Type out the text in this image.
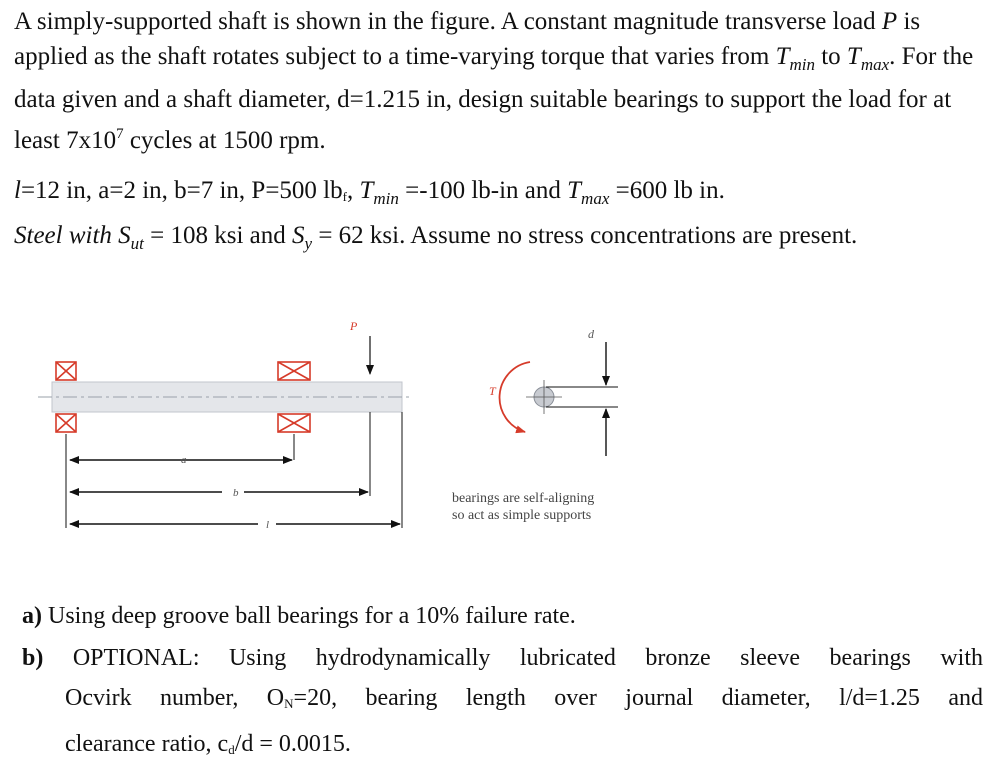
A simply-supported shaft is shown in the figure. A constant magnitude transverse load P is applied as the shaft rotates subject to a time-varying torque that varies from $T_{min}$ to $T_{max}$. For the data given and a shaft diameter, d=1.215 in, design suitable bearings to support the load for at least $7x10^7$ cycles at 1500 rpm.
l=12 in, a=2 in, b=7 in, P=500 lbf, $T_{min} =-100$ lb-in and $T_{max} =600$ lb in.
Steel with $S_{ut} = 108$ ksi and $S_y = 62$ ksi. Assume no stress concentrations are present.
P
a
b
l
T
d
bearings are self-aligning
so act as simple supports
a) Using deep groove ball bearings for a 10% failure rate.
b) OPTIONAL: Using hydrodynamically lubricated bronze sleeve bearings with
Ocvirk number, ON=20, bearing length over journal diameter, l/d=1.25 and
clearance ratio, cd/d = 0.0015.
